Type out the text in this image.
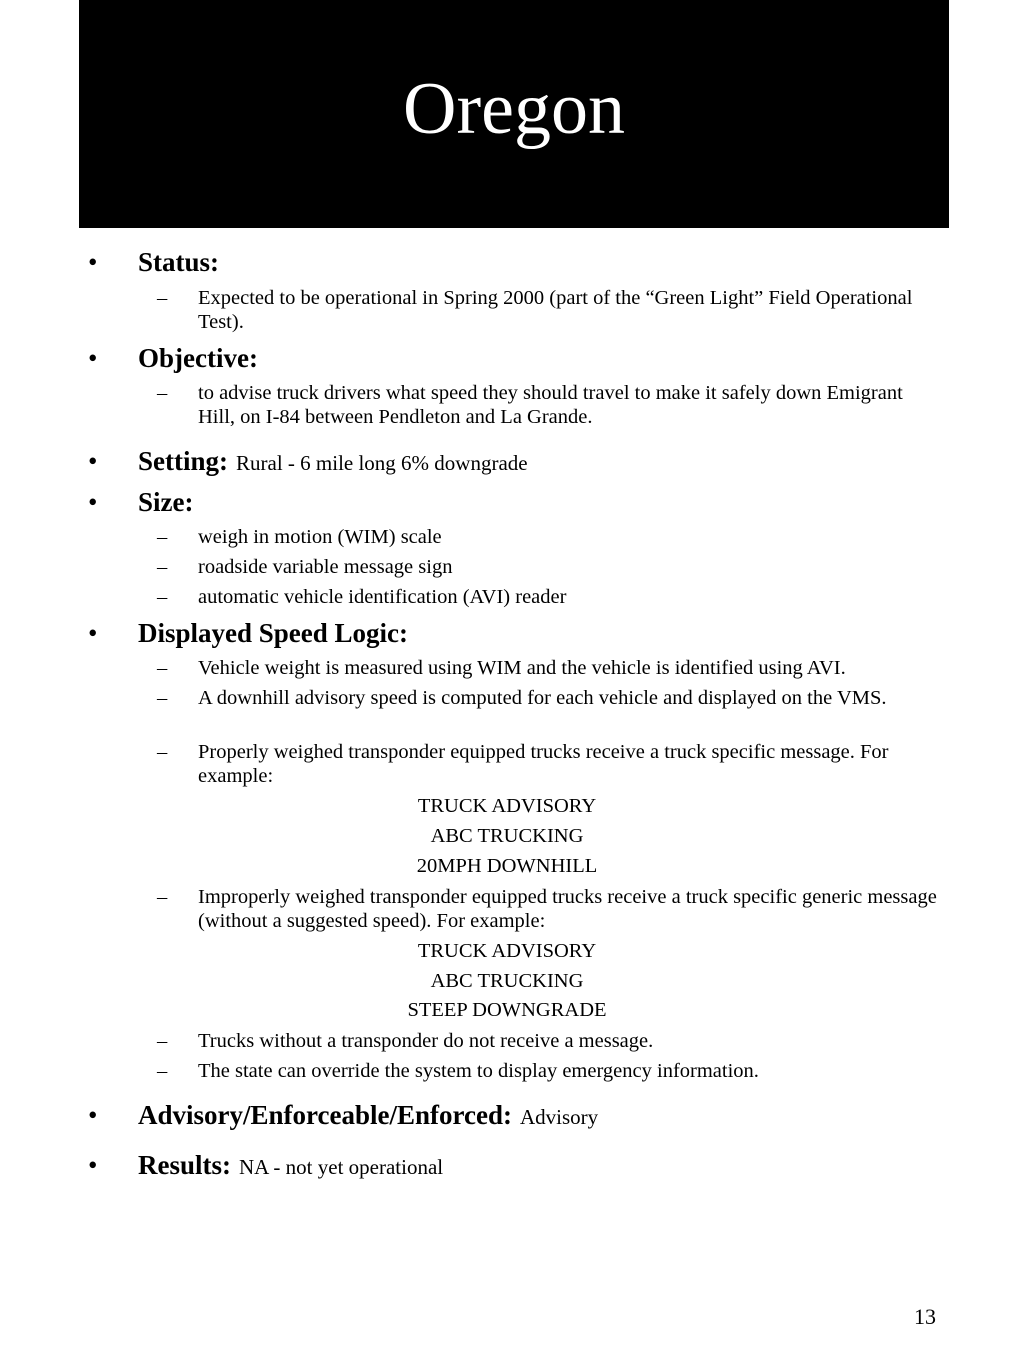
Oregon
• Status:
– Expected to be operational in Spring 2000 (part of the “Green Light” Field Operational Test).
• Objective:
– to advise truck drivers what speed they should travel to make it safely down Emigrant Hill, on I-84 between Pendleton and La Grande.
• Setting: Rural - 6 mile long 6% downgrade
• Size:
– weigh in motion (WIM) scale
– roadside variable message sign
– automatic vehicle identification (AVI) reader
• Displayed Speed Logic:
– Vehicle weight is measured using WIM and the vehicle is identified using AVI.
– A downhill advisory speed is computed for each vehicle and displayed on the VMS.
– Properly weighed transponder equipped trucks receive a truck specific message. For example:
TRUCK ADVISORY
ABC TRUCKING
20MPH DOWNHILL
– Improperly weighed transponder equipped trucks receive a truck specific generic message (without a suggested speed). For example:
TRUCK ADVISORY
ABC TRUCKING
STEEP DOWNGRADE
– Trucks without a transponder do not receive a message.
– The state can override the system to display emergency information.
• Advisory/Enforceable/Enforced: Advisory
• Results: NA - not yet operational
13
